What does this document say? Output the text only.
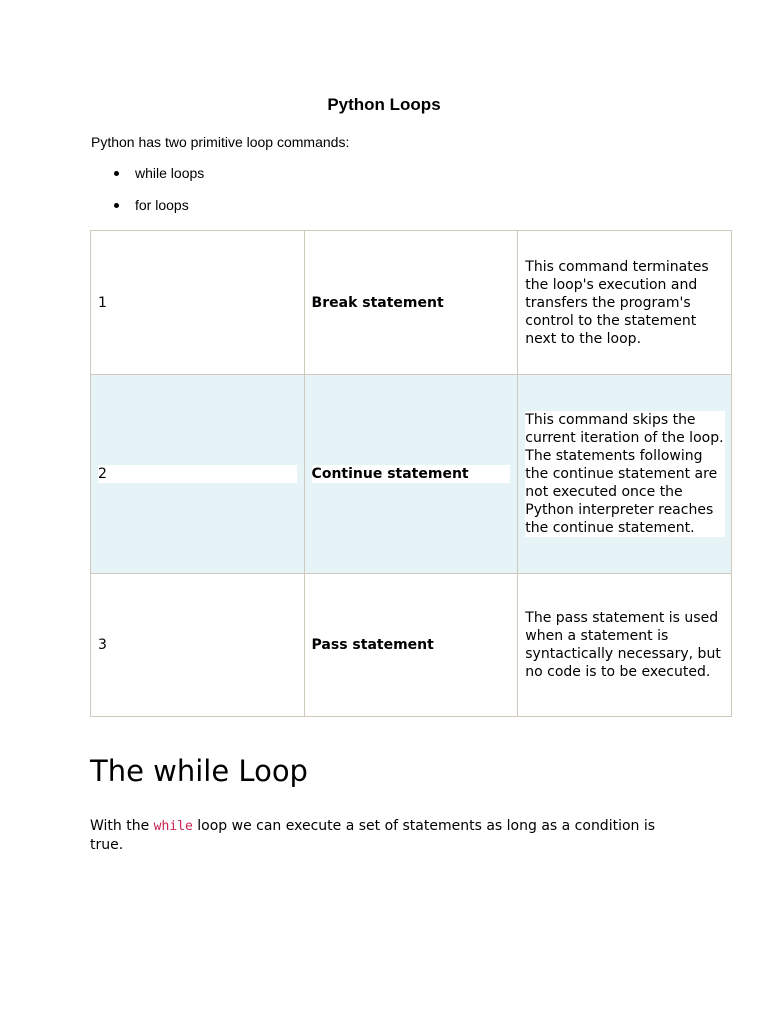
Python Loops
Python has two primitive loop commands:
while loops
for loops
1	Break statement	This command terminates the loop's execution and transfers the program's control to the statement next to the loop.

2	Continue statement	This command skips the current iteration of the loop. The statements following the continue statement are not executed once the Python interpreter reaches the continue statement.

3	Pass statement	The pass statement is used when a statement is syntactically necessary, but no code is to be executed.
The while Loop
With the while loop we can execute a set of statements as long as a condition is true.
